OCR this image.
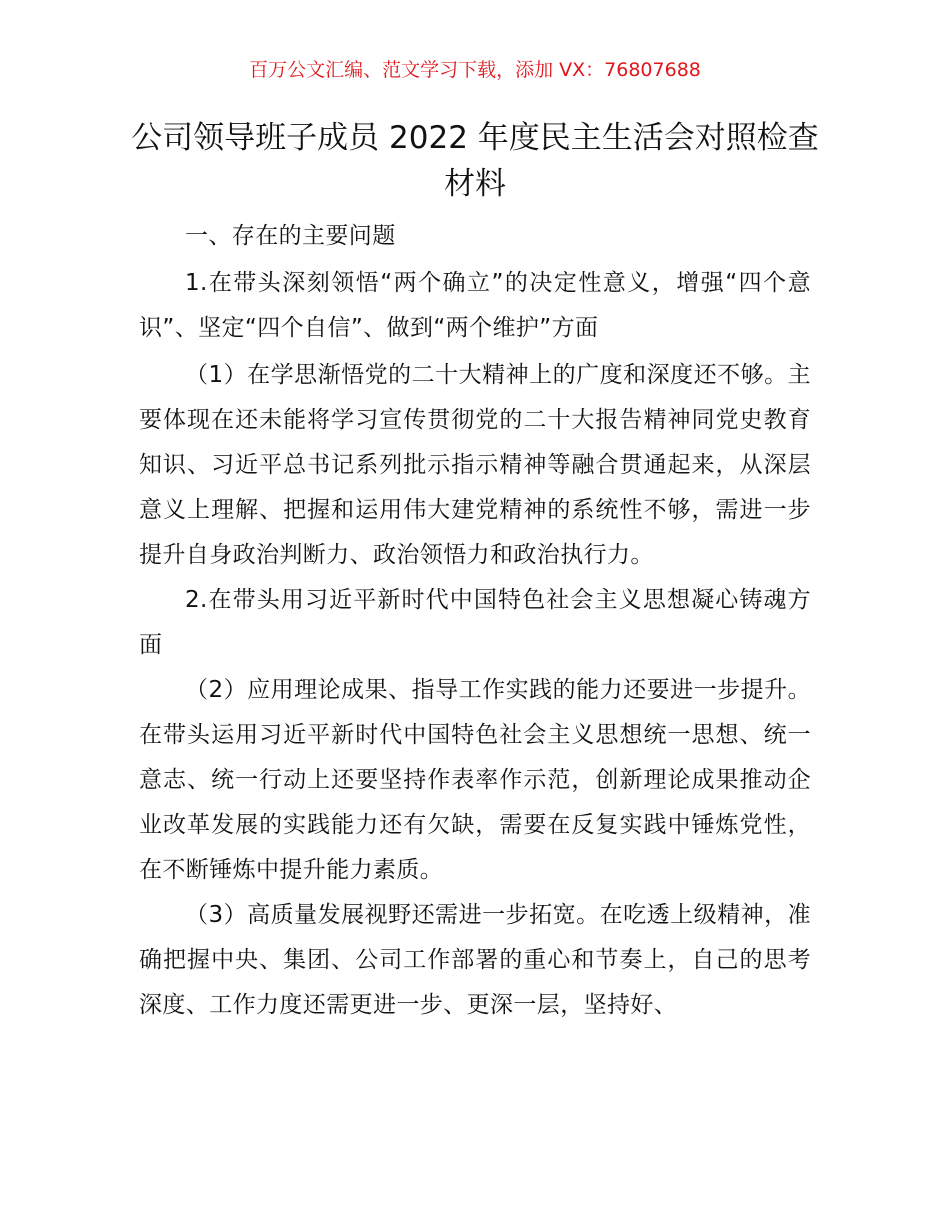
百万公文汇编、范文学习下载，添加 VX：76807688
公司领导班子成员 2022 年度民主生活会对照检查材料

一、存在的主要问题

1.在带头深刻领悟“两个确立”的决定性意义，增强“四个意识”、坚定“四个自信”、做到“两个维护”方面

（1）在学思渐悟党的二十大精神上的广度和深度还不够。主要体现在还未能将学习宣传贯彻党的二十大报告精神同党史教育知识、习近平总书记系列批示指示精神等融合贯通起来，从深层意义上理解、把握和运用伟大建党精神的系统性不够，需进一步提升自身政治判断力、政治领悟力和政治执行力。

2.在带头用习近平新时代中国特色社会主义思想凝心铸魂方面

（2）应用理论成果、指导工作实践的能力还要进一步提升。在带头运用习近平新时代中国特色社会主义思想统一思想、统一意志、统一行动上还要坚持作表率作示范，创新理论成果推动企业改革发展的实践能力还有欠缺，需要在反复实践中锤炼党性，在不断锤炼中提升能力素质。

（3）高质量发展视野还需进一步拓宽。在吃透上级精神，准确把握中央、集团、公司工作部署的重心和节奏上，自己的思考深度、工作力度还需更进一步、更深一层，坚持好、
